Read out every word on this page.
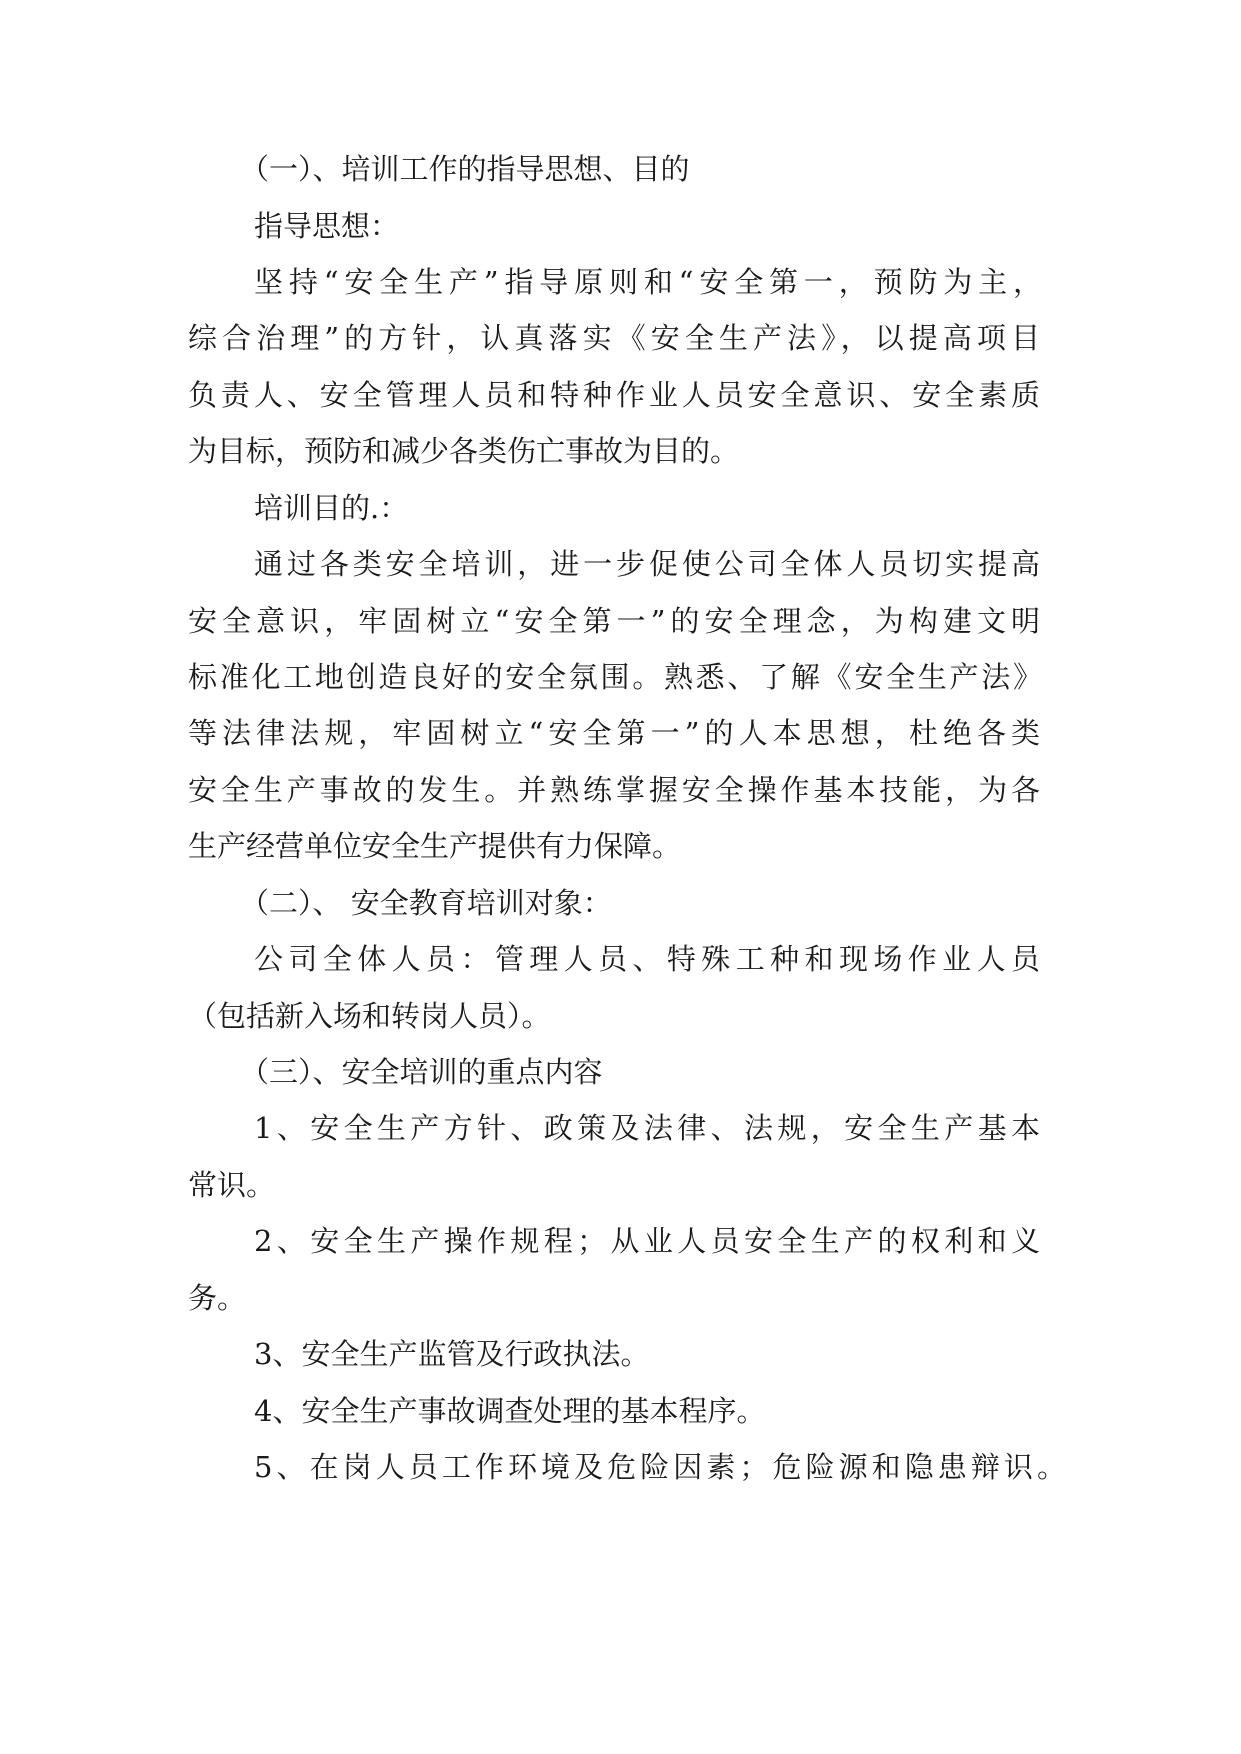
（一）、培训工作的指导思想、目的

指导思想：

坚持“安全生产”指导原则和“安全第一，预防为主，

综合治理”的方针，认真落实《安全生产法》，以提高项目

负责人、安全管理人员和特种作业人员安全意识、安全素质

为目标，预防和减少各类伤亡事故为目的。

培训目的.：

通过各类安全培训，进一步促使公司全体人员切实提高

安全意识，牢固树立“安全第一”的安全理念，为构建文明

标准化工地创造良好的安全氛围。熟悉、了解《安全生产法》

等法律法规，牢固树立“安全第一”的人本思想，杜绝各类

安全生产事故的发生。并熟练掌握安全操作基本技能，为各

生产经营单位安全生产提供有力保障。

（二）、 安全教育培训对象：

公司全体人员：管理人员、特殊工种和现场作业人员

（包括新入场和转岗人员）。

（三）、安全培训的重点内容

1、安全生产方针、政策及法律、法规，安全生产基本

常识。

2、安全生产操作规程；从业人员安全生产的权利和义

务。

3、安全生产监管及行政执法。

4、安全生产事故调查处理的基本程序。

5、在岗人员工作环境及危险因素；危险源和隐患辩识。
